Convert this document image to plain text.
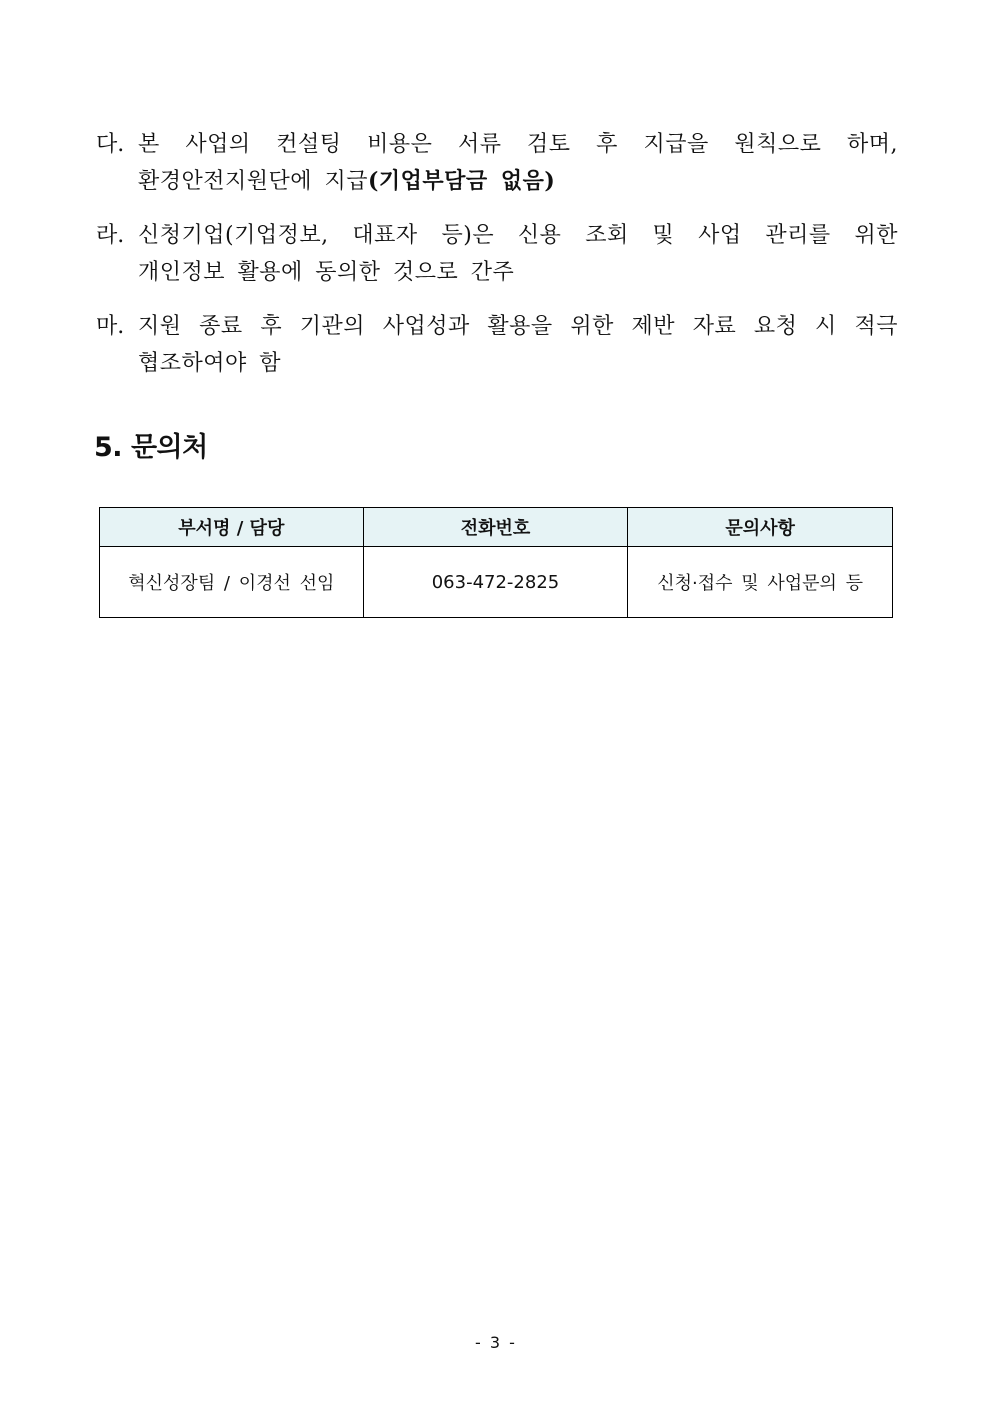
다. 본 사업의 컨설팅 비용은 서류 검토 후 지급을 원칙으로 하며,
환경안전지원단에 지급(기업부담금 없음)
라. 신청기업(기업정보, 대표자 등)은 신용 조회 및 사업 관리를 위한
개인정보 활용에 동의한 것으로 간주
마. 지원 종료 후 기관의 사업성과 활용을 위한 제반 자료 요청 시 적극
협조하여야 함
5. 문의처
부서명 / 담당	전화번호	문의사항
혁신성장팀 / 이경선 선임	063-472-2825	신청·접수 및 사업문의 등
- 3 -
